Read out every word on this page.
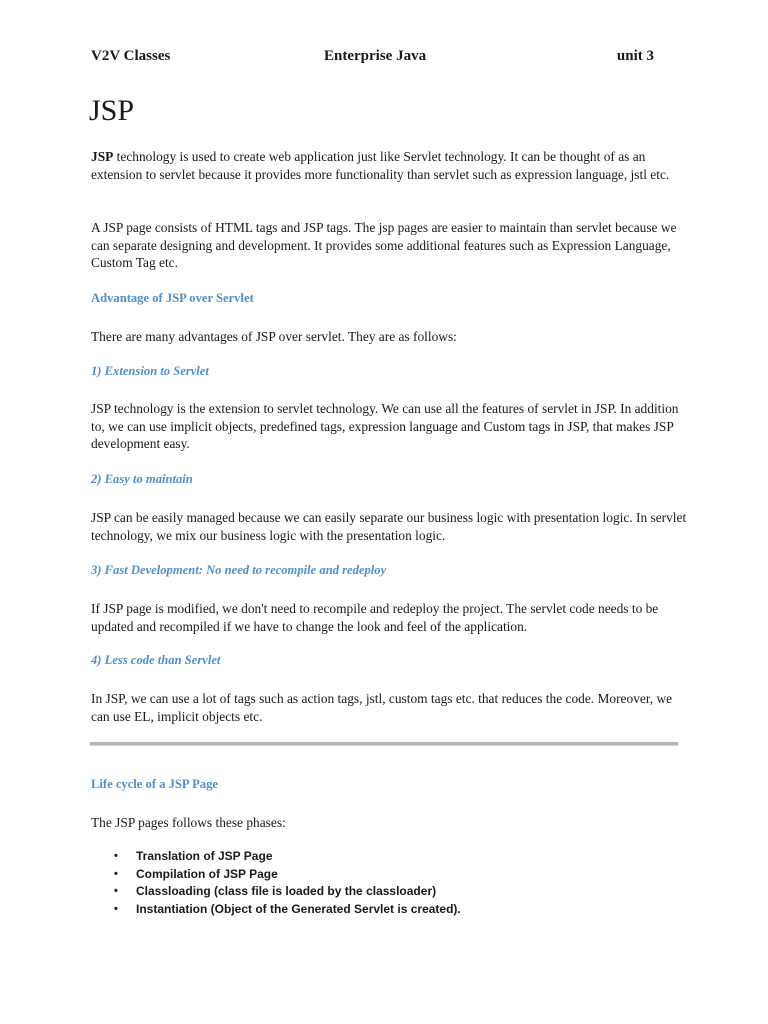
V2V Classes	Enterprise Java	unit 3
JSP

JSP technology is used to create web application just like Servlet technology. It can be thought of as an extension to servlet because it provides more functionality than servlet such as expression language, jstl etc.

A JSP page consists of HTML tags and JSP tags. The jsp pages are easier to maintain than servlet because we can separate designing and development. It provides some additional features such as Expression Language, Custom Tag etc.

Advantage of JSP over Servlet

There are many advantages of JSP over servlet. They are as follows:

1) Extension to Servlet

JSP technology is the extension to servlet technology. We can use all the features of servlet in JSP. In addition to, we can use implicit objects, predefined tags, expression language and Custom tags in JSP, that makes JSP development easy.

2) Easy to maintain

JSP can be easily managed because we can easily separate our business logic with presentation logic. In servlet technology, we mix our business logic with the presentation logic.

3) Fast Development: No need to recompile and redeploy

If JSP page is modified, we don't need to recompile and redeploy the project. The servlet code needs to be updated and recompiled if we have to change the look and feel of the application.

4) Less code than Servlet

In JSP, we can use a lot of tags such as action tags, jstl, custom tags etc. that reduces the code. Moreover, we can use EL, implicit objects etc.

Life cycle of a JSP Page

The JSP pages follows these phases:

• Translation of JSP Page
• Compilation of JSP Page
• Classloading (class file is loaded by the classloader)
• Instantiation (Object of the Generated Servlet is created).
